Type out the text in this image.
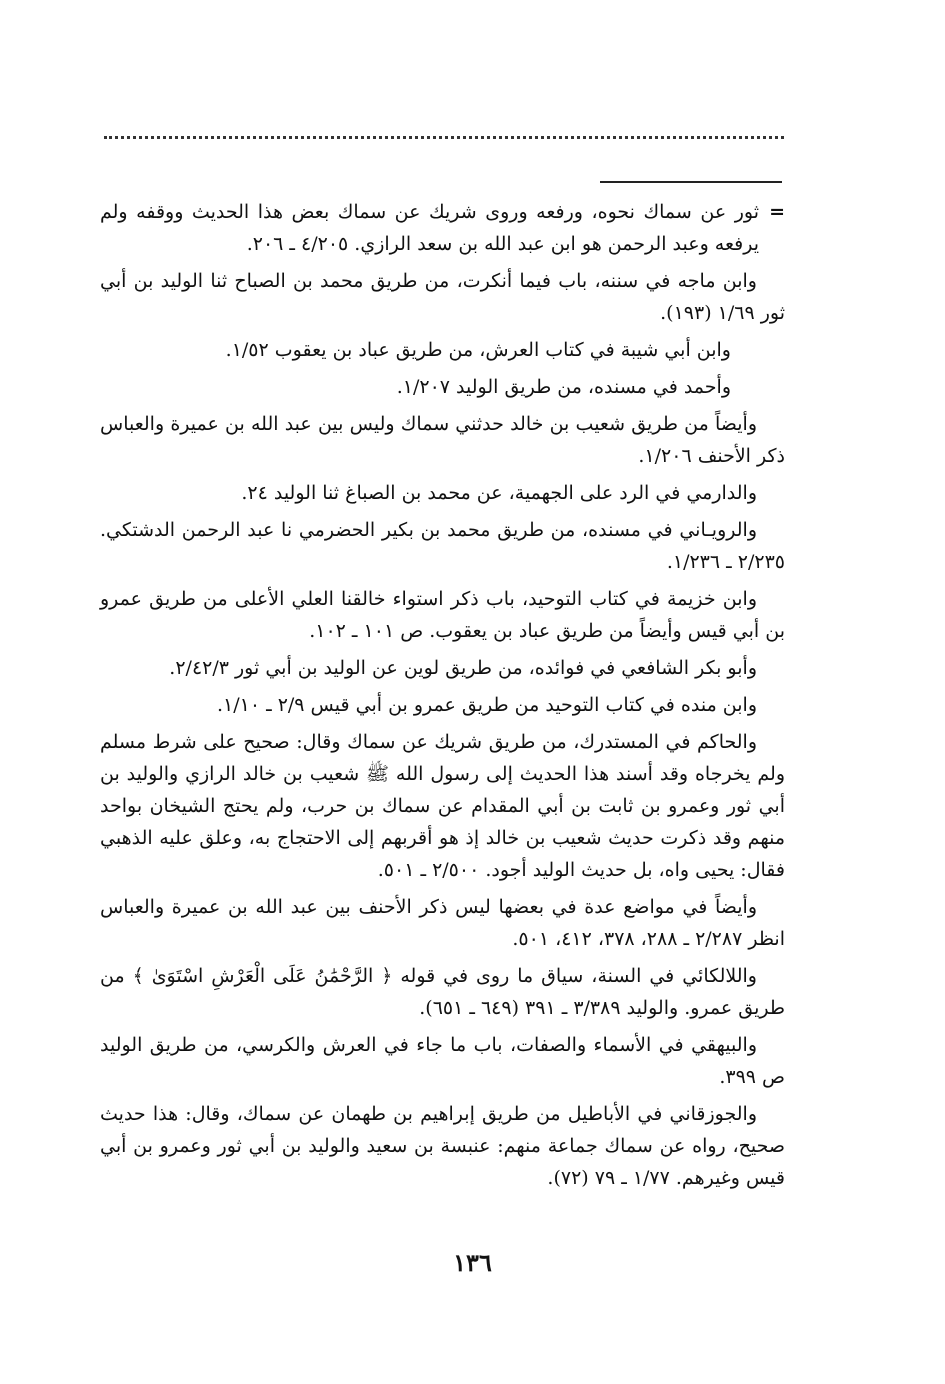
=
ثور عن سماك نحوه، ورفعه وروى شريك عن سماك بعض هذا الحديث ووقفه ولم يرفعه وعبد الرحمن هو ابن عبد الله بن سعد الرازي. ٤/٢٠٥ ـ ٢٠٦.

وابن ماجه في سننه، باب فيما أنكرت، من طريق محمد بن الصباح ثنا الوليد بن أبي ثور ١/٦٩ (١٩٣).

وابن أبي شيبة في كتاب العرش، من طريق عباد بن يعقوب ١/٥٢.

وأحمد في مسنده، من طريق الوليد ١/٢٠٧.

وأيضاً من طريق شعيب بن خالد حدثني سماك وليس بين عبد الله بن عميرة والعباس ذكر الأحنف ١/٢٠٦.

والدارمي في الرد على الجهمية، عن محمد بن الصباغ ثنا الوليد ٢٤.

والرويـاني في مسنده، من طريق محمد بن بكير الحضرمي نا عبد الرحمن الدشتكي. ٢/٢٣٥ ـ ١/٢٣٦.

وابن خزيمة في كتاب التوحيد، باب ذكر استواء خالقنا العلي الأعلى من طريق عمرو بن أبي قيس وأيضاً من طريق عباد بن يعقوب. ص ١٠١ ـ ١٠٢.

وأبو بكر الشافعي في فوائده، من طريق لوين عن الوليد بن أبي ثور ٢/٤٢/٣.

وابن منده في كتاب التوحيد من طريق عمرو بن أبي قيس ٢/٩ ـ ١/١٠.

والحاكم في المستدرك، من طريق شريك عن سماك وقال: صحيح على شرط مسلم ولم يخرجاه وقد أسند هذا الحديث إلى رسول الله ﷺ شعيب بن خالد الرازي والوليد بن أبي ثور وعمرو بن ثابت بن أبي المقدام عن سماك بن حرب، ولم يحتج الشيخان بواحد منهم وقد ذكرت حديث شعيب بن خالد إذ هو أقربهم إلى الاحتجاج به، وعلق عليه الذهبي فقال: يحيى واه، بل حديث الوليد أجود. ٢/٥٠٠ ـ ٥٠١.

وأيضاً في مواضع عدة في بعضها ليس ذكر الأحنف بين عبد الله بن عميرة والعباس انظر ٢/٢٨٧ ـ ٢٨٨، ٣٧٨، ٤١٢، ٥٠١.

واللالكائي في السنة، سياق ما روى في قوله ﴿ الرَّحْمَٰنُ عَلَى الْعَرْشِ اسْتَوَىٰ ﴾ من طريق عمرو. والوليد ٣/٣٨٩ ـ ٣٩١ (٦٤٩ ـ ٦٥١).

والبيهقي في الأسماء والصفات، باب ما جاء في العرش والكرسي، من طريق الوليد ص ٣٩٩.

والجوزقاني في الأباطيل من طريق إبراهيم بن طهمان عن سماك، وقال: هذا حديث صحيح، رواه عن سماك جماعة منهم: عنبسة بن سعيد والوليد بن أبي ثور وعمرو بن أبي قيس وغيرهم. ١/٧٧ ـ ٧٩ (٧٢).

١٣٦
